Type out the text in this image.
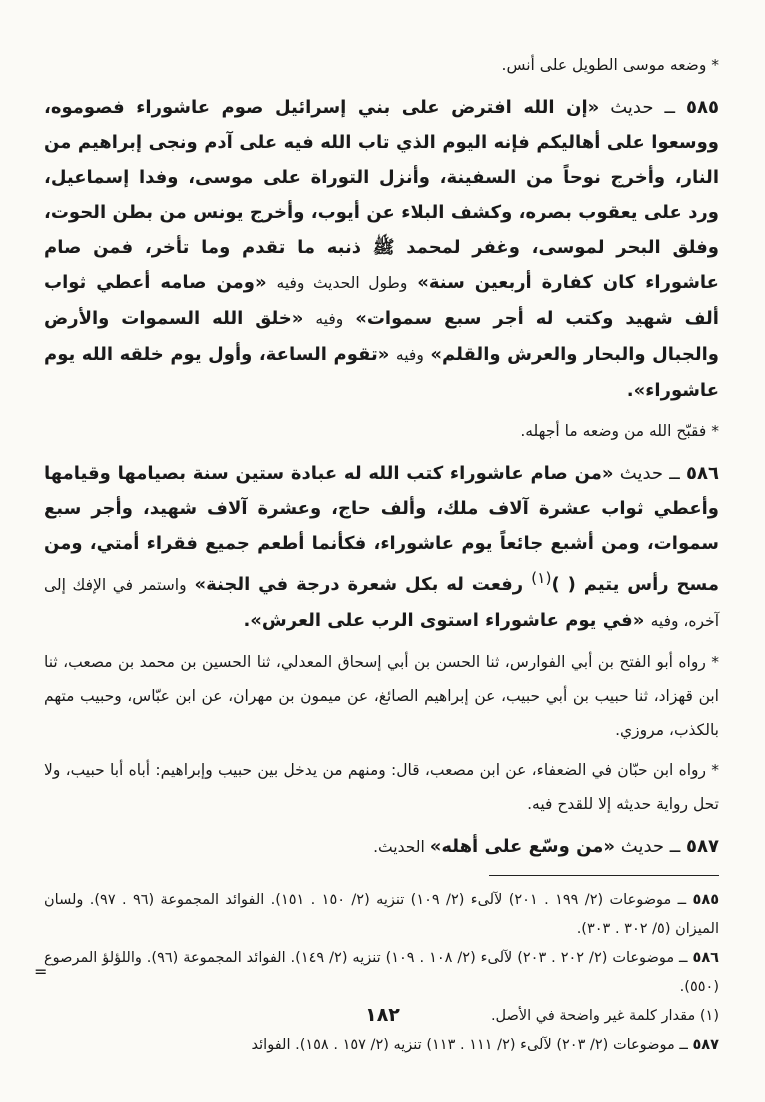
* وضعه موسى الطويل على أنس.

٥٨٥ ــ حديث «إن الله افترض على بني إسرائيل صوم عاشوراء فصوموه، ووسعوا على أهاليكم فإنه اليوم الذي تاب الله فيه على آدم ونجى إبراهيم من النار، وأخرج نوحاً من السفينة، وأنزل التوراة على موسى، وفدا إسماعيل، ورد على يعقوب بصره، وكشف البلاء عن أيوب، وأخرج يونس من بطن الحوت، وفلق البحر لموسى، وغفر لمحمد ﷺ ذنبه ما تقدم وما تأخر، فمن صام عاشوراء كان كفارة أربعين سنة» وطول الحديث وفيه «ومن صامه أعطي ثواب ألف شهيد وكتب له أجر سبع سموات» وفيه «خلق الله السموات والأرض والجبال والبحار والعرش والقلم» وفيه «تقوم الساعة، وأول يوم خلقه الله يوم عاشوراء».

* فقبّح الله من وضعه ما أجهله.

٥٨٦ ــ حديث «من صام عاشوراء كتب الله له عبادة ستين سنة بصيامها وقيامها وأعطي ثواب عشرة آلاف ملك، وألف حاج، وعشرة آلاف شهيد، وأجر سبع سموات، ومن أشبع جائعاً يوم عاشوراء، فكأنما أطعم جميع فقراء أمتي، ومن مسح رأس يتيم ( )$^{(١)}$ رفعت له بكل شعرة درجة في الجنة» واستمر في الإفك إلى آخره، وفيه «في يوم عاشوراء استوى الرب على العرش».

* رواه أبو الفتح بن أبي الفوارس، ثنا الحسن بن أبي إسحاق المعدلي، ثنا الحسين بن محمد بن مصعب، ثنا ابن قهزاد، ثنا حبيب بن أبي حبيب، عن إبراهيم الصائغ، عن ميمون بن مهران، عن ابن عبّاس، وحبيب متهم بالكذب، مروزي.

* رواه ابن حبّان في الضعفاء، عن ابن مصعب، قال: ومنهم من يدخل بين حبيب وإبراهيم: أباه أبا حبيب، ولا تحل رواية حديثه إلا للقدح فيه.

٥٨٧ ــ حديث «من وسّع على أهله» الحديث.

٥٨٥ ــ موضوعات (٢/ ١٩٩ . ٢٠١) لآلىء (٢/ ١٠٩) تنزيه (٢/ ١٥٠ . ١٥١). الفوائد المجموعة (٩٦ . ٩٧). ولسان الميزان (٥/ ٣٠٢ . ٣٠٣).

٥٨٦ ــ موضوعات (٢/ ٢٠٢ . ٢٠٣) لآلىء (٢/ ١٠٨ . ١٠٩) تنزيه (٢/ ١٤٩). الفوائد المجموعة (٩٦). واللؤلؤ المرصوع (٥٥٠).

(١) مقدار كلمة غير واضحة في الأصل.

٥٨٧ ــ موضوعات (٢/ ٢٠٣) لآلىء (٢/ ١١١ . ١١٣) تنزيه (٢/ ١٥٧ . ١٥٨). الفوائد

=
١٨٢
